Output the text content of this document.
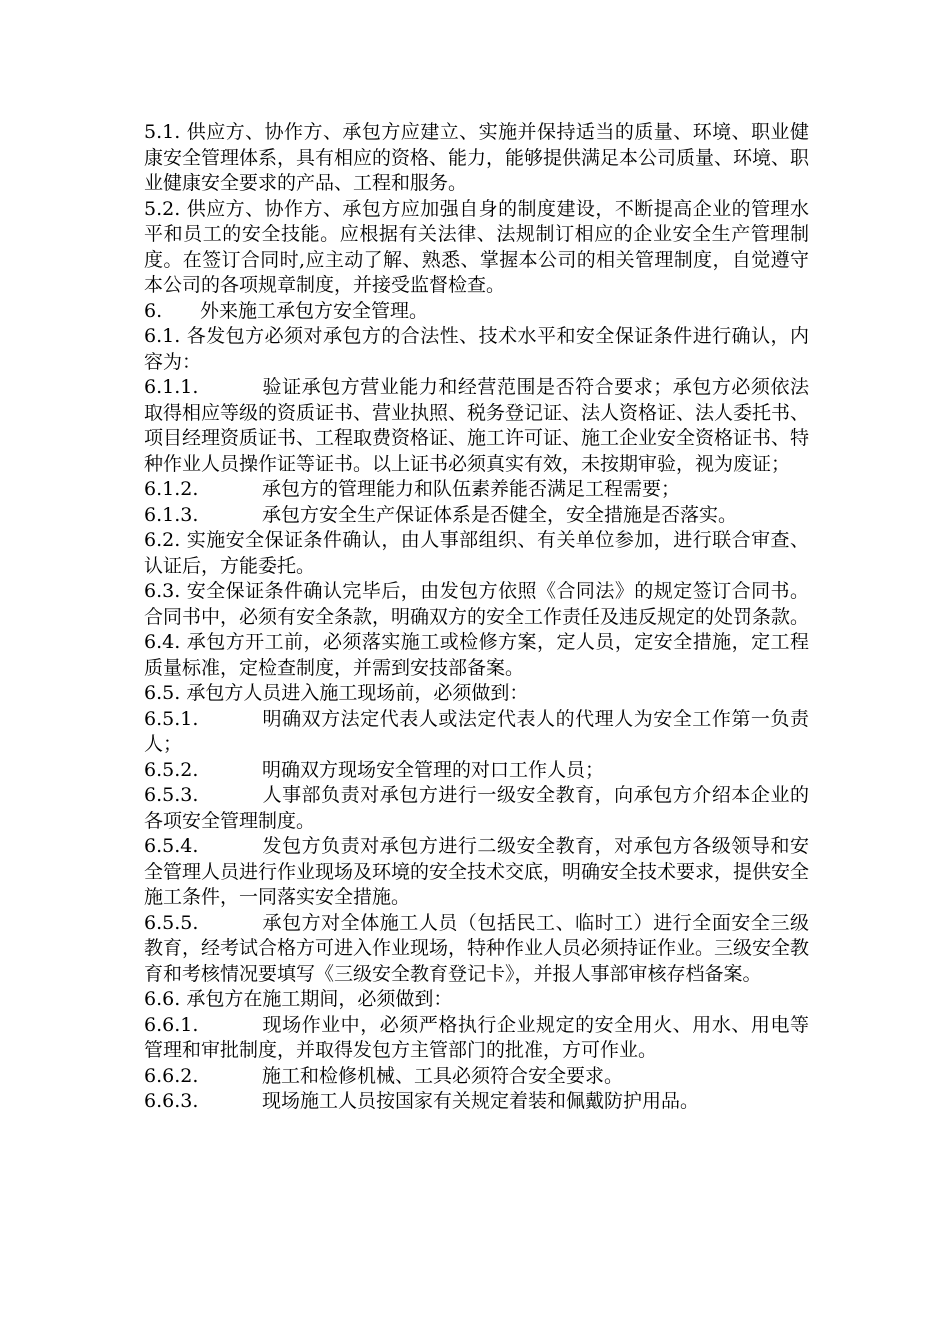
5.1. 供应方、协作方、承包方应建立、实施并保持适当的质量、环境、职业健康安全管理体系，具有相应的资格、能力，能够提供满足本公司质量、环境、职业健康安全要求的产品、工程和服务。

5.2. 供应方、协作方、承包方应加强自身的制度建设，不断提高企业的管理水平和员工的安全技能。应根据有关法律、法规制订相应的企业安全生产管理制度。在签订合同时,应主动了解、熟悉、掌握本公司的相关管理制度，自觉遵守本公司的各项规章制度，并接受监督检查。

6. 外来施工承包方安全管理。

6.1. 各发包方必须对承包方的合法性、技术水平和安全保证条件进行确认，内容为：

6.1.1.	验证承包方营业能力和经营范围是否符合要求；承包方必须依法取得相应等级的资质证书、营业执照、税务登记证、法人资格证、法人委托书、项目经理资质证书、工程取费资格证、施工许可证、施工企业安全资格证书、特种作业人员操作证等证书。以上证书必须真实有效，未按期审验，视为废证；

6.1.2.	承包方的管理能力和队伍素养能否满足工程需要；

6.1.3.	承包方安全生产保证体系是否健全，安全措施是否落实。

6.2. 实施安全保证条件确认，由人事部组织、有关单位参加，进行联合审查、认证后，方能委托。

6.3. 安全保证条件确认完毕后，由发包方依照《合同法》的规定签订合同书。合同书中，必须有安全条款，明确双方的安全工作责任及违反规定的处罚条款。

6.4. 承包方开工前，必须落实施工或检修方案，定人员，定安全措施，定工程质量标准，定检查制度，并需到安技部备案。

6.5. 承包方人员进入施工现场前，必须做到：

6.5.1.	明确双方法定代表人或法定代表人的代理人为安全工作第一负责人；

6.5.2.	明确双方现场安全管理的对口工作人员；

6.5.3.	人事部负责对承包方进行一级安全教育，向承包方介绍本企业的各项安全管理制度。

6.5.4.	发包方负责对承包方进行二级安全教育，对承包方各级领导和安全管理人员进行作业现场及环境的安全技术交底，明确安全技术要求，提供安全施工条件，一同落实安全措施。

6.5.5.	承包方对全体施工人员（包括民工、临时工）进行全面安全三级教育，经考试合格方可进入作业现场，特种作业人员必须持证作业。三级安全教育和考核情况要填写《三级安全教育登记卡》，并报人事部审核存档备案。

6.6. 承包方在施工期间，必须做到：

6.6.1.	现场作业中，必须严格执行企业规定的安全用火、用水、用电等管理和审批制度，并取得发包方主管部门的批准，方可作业。

6.6.2.	施工和检修机械、工具必须符合安全要求。

6.6.3.	现场施工人员按国家有关规定着装和佩戴防护用品。
